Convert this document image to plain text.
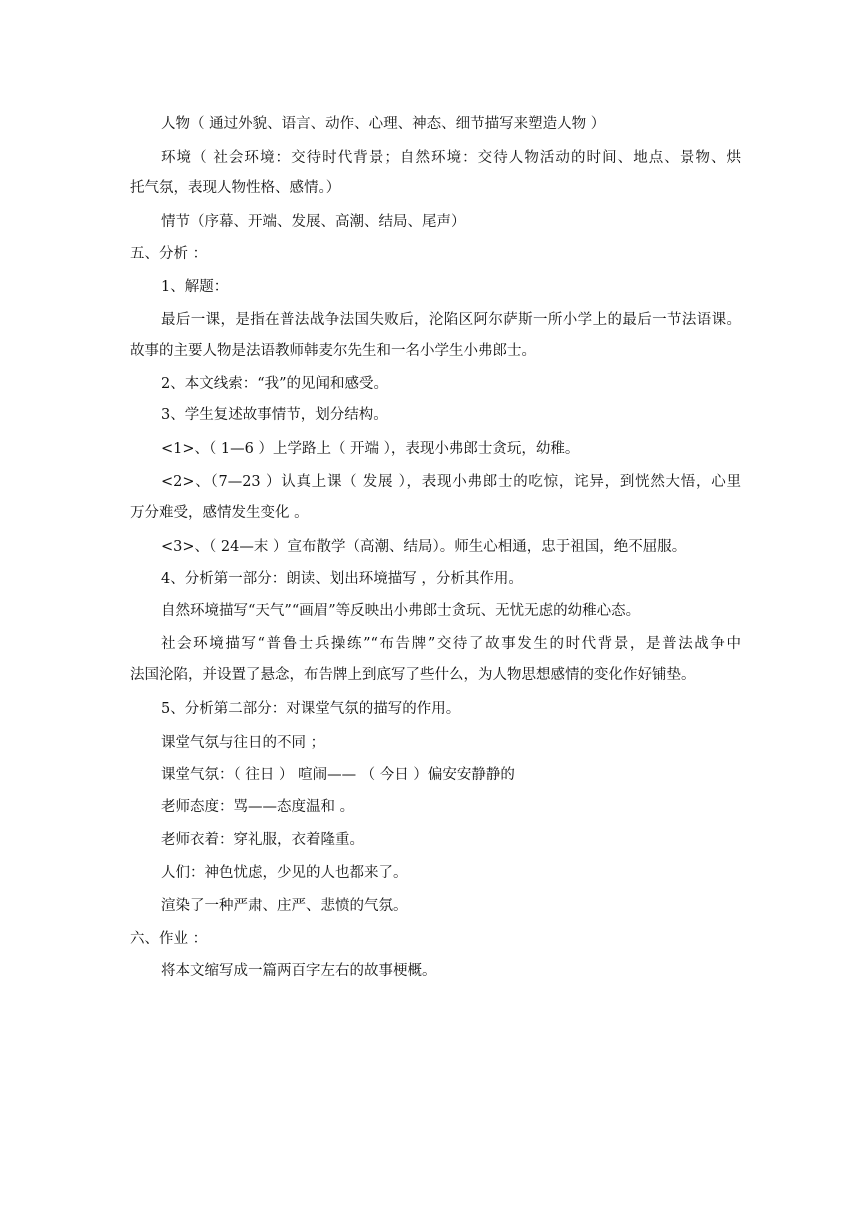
人物（ 通过外貌、语言、动作、心理、神态、细节描写来塑造人物 ）
环境（ 社会环境：交待时代背景；自然环境：交待人物活动的时间、地点、景物、烘
托气氛，表现人物性格、感情。）
情节（序幕、开端、发展、高潮、结局、尾声）
五、分析 ：
1、解题：
最后一课，是指在普法战争法国失败后，沦陷区阿尔萨斯一所小学上的最后一节法语课。
故事的主要人物是法语教师韩麦尔先生和一名小学生小弗郎士。
2、本文线索：“我”的见闻和感受。
3、学生复述故事情节，划分结构。
<1>、（ 1—6 ）上学路上（ 开端 ），表现小弗郎士贪玩，幼稚。
<2>、（7—23 ）认真上课（ 发展 ），表现小弗郎士的吃惊，诧异，到恍然大悟，心里
万分难受，感情发生变化 。
<3>、（ 24—末 ）宣布散学（高潮、结局）。师生心相通，忠于祖国，绝不屈服。
4、分析第一部分：朗读、划出环境描写 ，分析其作用。
自然环境描写“天气”“画眉”等反映出小弗郎士贪玩、无忧无虑的幼稚心态。
社会环境描写“普鲁士兵操练”“布告牌”交待了故事发生的时代背景，是普法战争中
法国沦陷，并设置了悬念，布告牌上到底写了些什么，为人物思想感情的变化作好铺垫。
5、分析第二部分：对课堂气氛的描写的作用。
课堂气氛与往日的不同 ；
课堂气氛：（ 往日 ） 喧闹—— （ 今日 ）偏安安静静的
老师态度：骂——态度温和 。
老师衣着：穿礼服，衣着隆重。
人们：神色忧虑，少见的人也都来了。
渲染了一种严肃、庄严、悲愤的气氛。
六、作业 ：
将本文缩写成一篇两百字左右的故事梗概。
